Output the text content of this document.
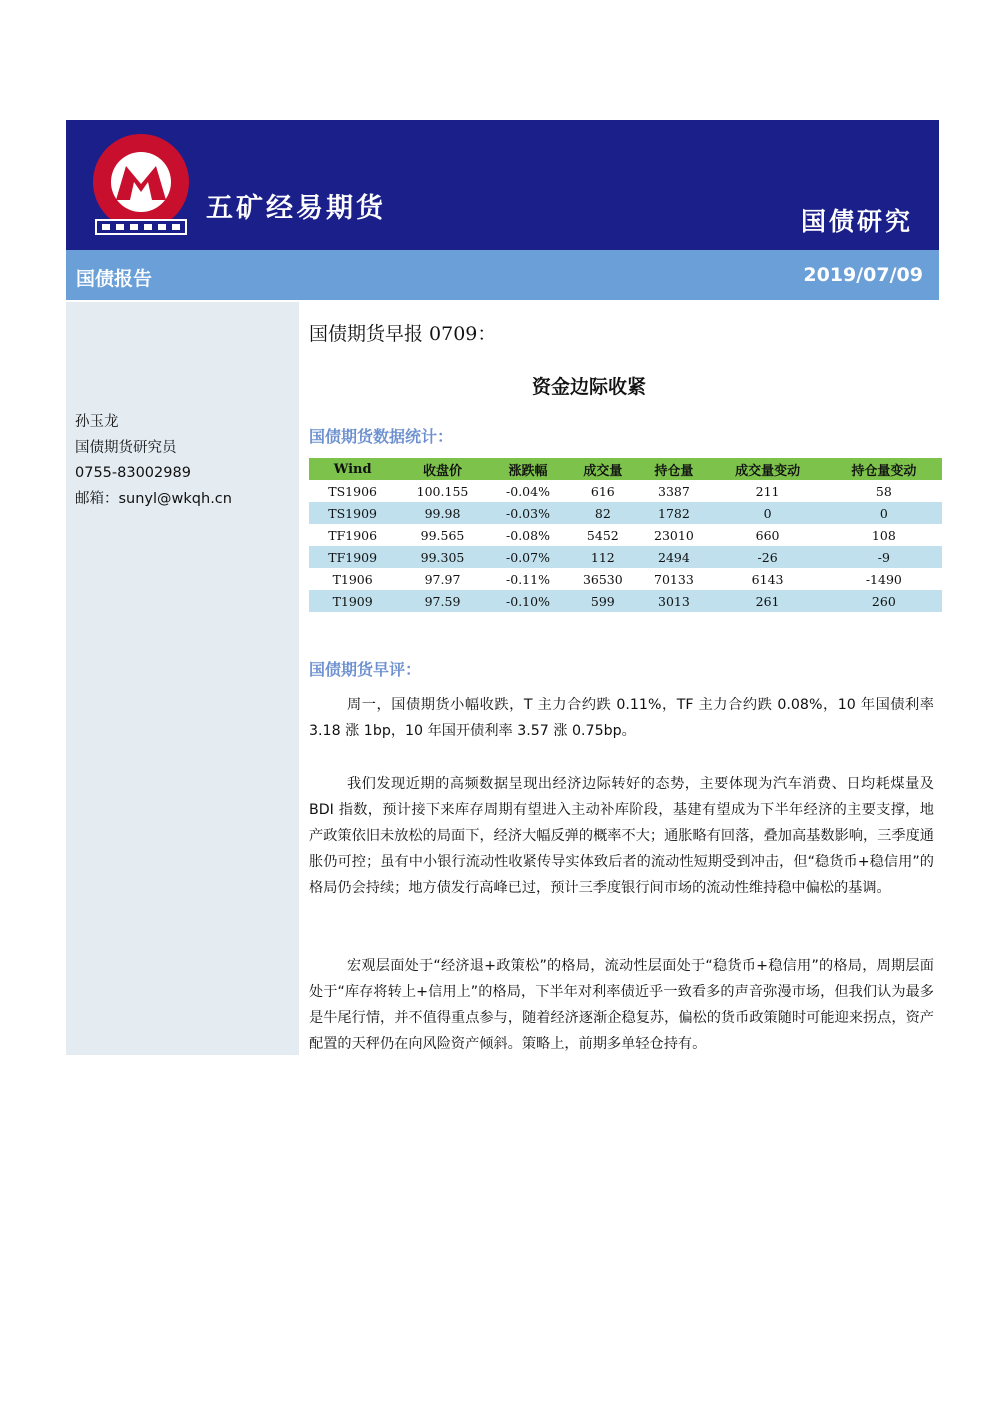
五矿经易期货	国债研究
国债报告	2019/07/09
孙玉龙
国债期货研究员
0755-83002989
邮箱：sunyl@wkqh.cn
国债期货早报 0709：
资金边际收紧
国债期货数据统计：
Wind	收盘价	涨跌幅	成交量	持仓量	成交量变动	持仓量变动
TS1906	100.155	-0.04%	616	3387	211	58
TS1909	99.98	-0.03%	82	1782	0	0
TF1906	99.565	-0.08%	5452	23010	660	108
TF1909	99.305	-0.07%	112	2494	-26	-9
T1906	97.97	-0.11%	36530	70133	6143	-1490
T1909	97.59	-0.10%	599	3013	261	260
国债期货早评：
周一，国债期货小幅收跌，T 主力合约跌 0.11%，TF 主力合约跌 0.08%，10 年国债利率 3.18 涨 1bp，10 年国开债利率 3.57 涨 0.75bp。
我们发现近期的高频数据呈现出经济边际转好的态势，主要体现为汽车消费、日均耗煤量及 BDI 指数，预计接下来库存周期有望进入主动补库阶段，基建有望成为下半年经济的主要支撑，地产政策依旧未放松的局面下，经济大幅反弹的概率不大；通胀略有回落，叠加高基数影响，三季度通胀仍可控；虽有中小银行流动性收紧传导实体致后者的流动性短期受到冲击，但“稳货币+稳信用”的格局仍会持续；地方债发行高峰已过，预计三季度银行间市场的流动性维持稳中偏松的基调。
宏观层面处于“经济退+政策松”的格局，流动性层面处于“稳货币+稳信用”的格局，周期层面处于“库存将转上+信用上”的格局，下半年对利率债近乎一致看多的声音弥漫市场，但我们认为最多是牛尾行情，并不值得重点参与，随着经济逐渐企稳复苏，偏松的货币政策随时可能迎来拐点，资产配置的天秤仍在向风险资产倾斜。策略上，前期多单轻仓持有。
